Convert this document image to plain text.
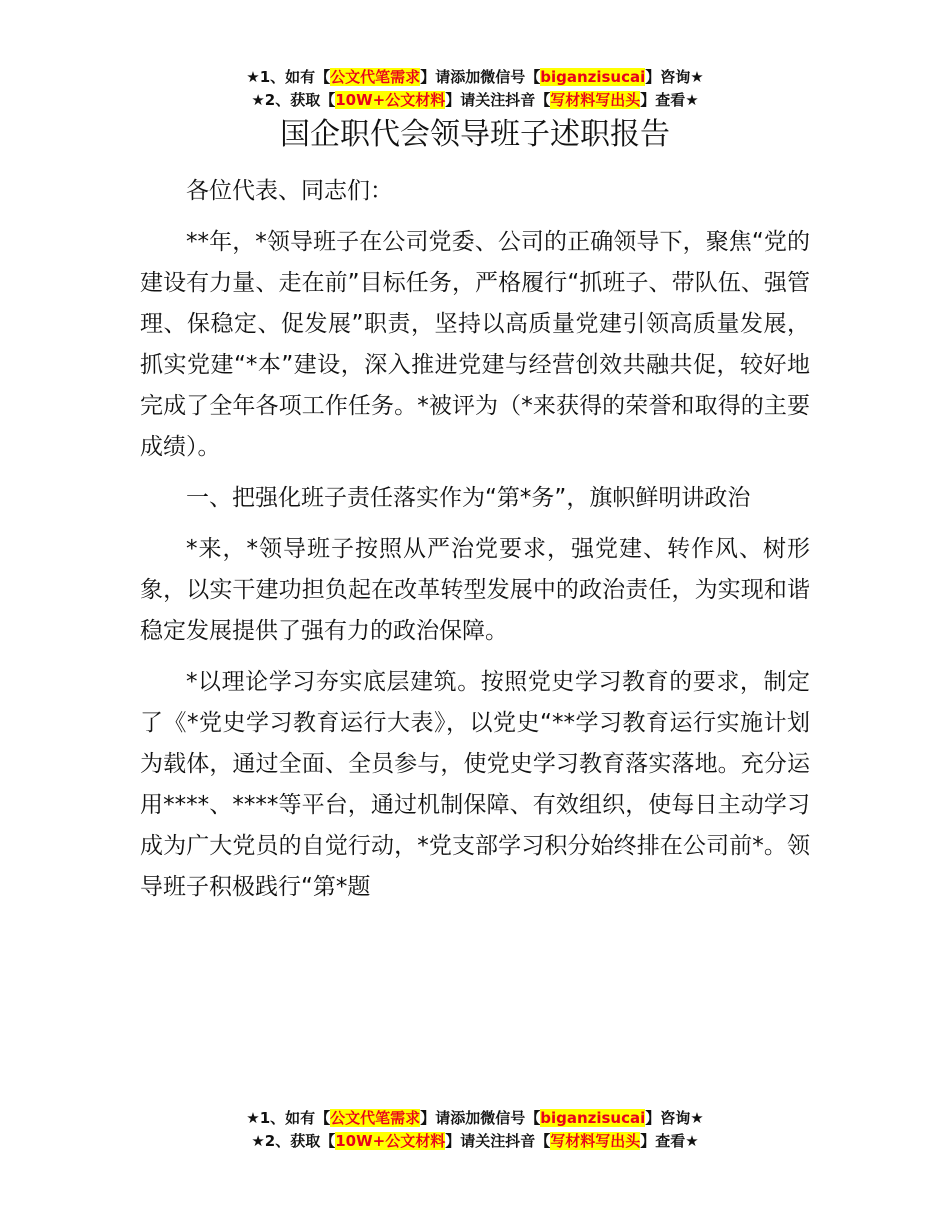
★1、如有【公文代笔需求】请添加微信号【biganzisucai】咨询★
★2、获取【10W+公文材料】请关注抖音【写材料写出头】查看★
国企职代会领导班子述职报告

各位代表、同志们：

**年，*领导班子在公司党委、公司的正确领导下，聚焦“党的建设有力量、走在前”目标任务，严格履行“抓班子、带队伍、强管理、保稳定、促发展”职责，坚持以高质量党建引领高质量发展，抓实党建“*本”建设，深入推进党建与经营创效共融共促，较好地完成了全年各项工作任务。*被评为（*来获得的荣誉和取得的主要成绩）。

一、把强化班子责任落实作为“第*务”，旗帜鲜明讲政治

*来，*领导班子按照从严治党要求，强党建、转作风、树形象，以实干建功担负起在改革转型发展中的政治责任，为实现和谐稳定发展提供了强有力的政治保障。

*以理论学习夯实底层建筑。按照党史学习教育的要求，制定了《*党史学习教育运行大表》，以党史“**学习教育运行实施计划为载体，通过全面、全员参与，使党史学习教育落实落地。充分运用****、****等平台，通过机制保障、有效组织，使每日主动学习成为广大党员的自觉行动，*党支部学习积分始终排在公司前*。领导班子积极践行“第*题

★1、如有【公文代笔需求】请添加微信号【biganzisucai】咨询★
★2、获取【10W+公文材料】请关注抖音【写材料写出头】查看★
